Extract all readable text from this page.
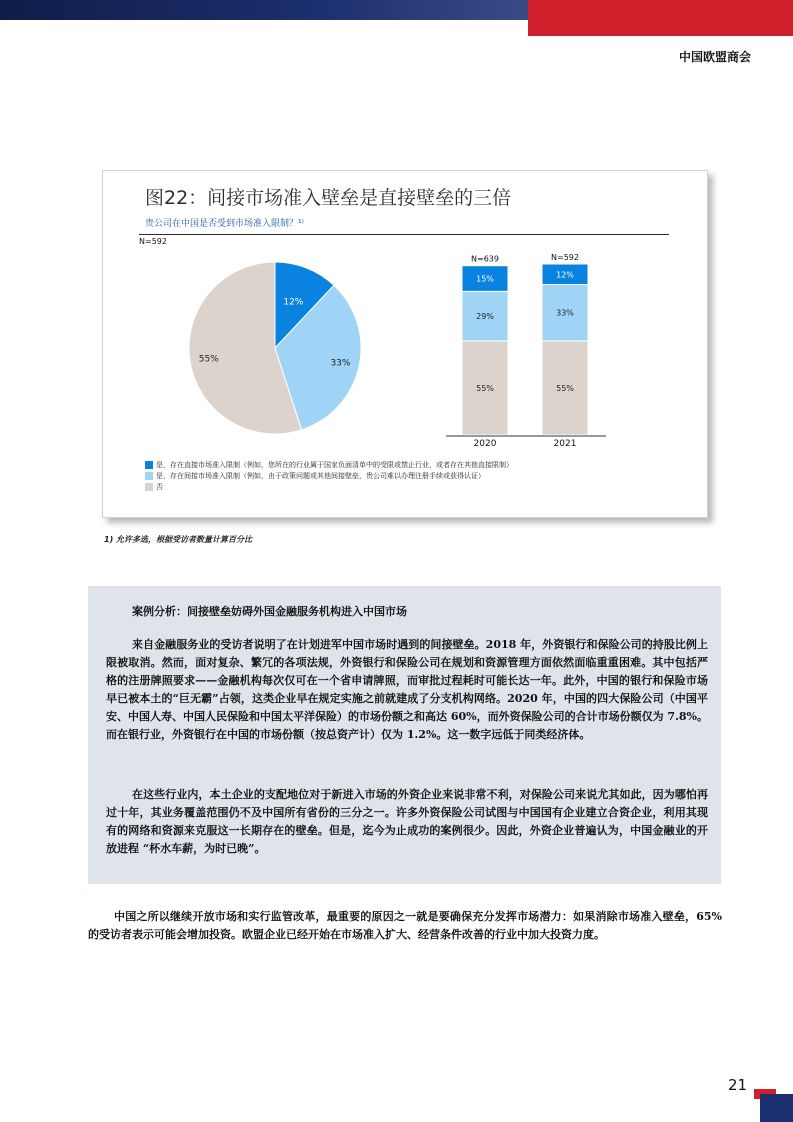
中国欧盟商会
图22：间接市场准入壁垒是直接壁垒的三倍
贵公司在中国是否受到市场准入限制？¹⁾
N=592
12%
33%
55%
55%
29%
15%
N=639
2020
55%
33%
12%
N=592
2021
是，存在直接市场准入限制（例如，您所在的行业属于国家负面清单中的受限或禁止行业，或者存在其他直接限制）
是，存在间接市场准入限制（例如，由于政策问题或其他间接壁垒，贵公司难以办理注册手续或获得认证）
否
1) 允许多选，根据受访者数量计算百分比
案例分析：间接壁垒妨碍外国金融服务机构进入中国市场

来自金融服务业的受访者说明了在计划进军中国市场时遇到的间接壁垒。2018 年，外资银行和保险公司的持股比例上限被取消。然而，面对复杂、繁冗的各项法规，外资银行和保险公司在规划和资源管理方面依然面临重重困难。其中包括严格的注册牌照要求——金融机构每次仅可在一个省申请牌照，而审批过程耗时可能长达一年。此外，中国的银行和保险市场早已被本土的“巨无霸”占领，这类企业早在规定实施之前就建成了分支机构网络。2020 年，中国的四大保险公司（中国平安、中国人寿、中国人民保险和中国太平洋保险）的市场份额之和高达 60%，而外资保险公司的合计市场份额仅为 7.8%。 而在银行业，外资银行在中国的市场份额（按总资产计）仅为 1.2%。这一数字远低于同类经济体。

在这些行业内，本土企业的支配地位对于新进入市场的外资企业来说非常不利，对保险公司来说尤其如此，因为哪怕再过十年，其业务覆盖范围仍不及中国所有省份的三分之一。许多外资保险公司试图与中国国有企业建立合资企业，利用其现有的网络和资源来克服这一长期存在的壁垒。但是，迄今为止成功的案例很少。因此，外资企业普遍认为，中国金融业的开放进程 “杯水车薪，为时已晚”。

中国之所以继续开放市场和实行监管改革，最重要的原因之一就是要确保充分发挥市场潜力：如果消除市场准入壁垒，65% 的受访者表示可能会增加投资。欧盟企业已经开始在市场准入扩大、经营条件改善的行业中加大投资力度。

21
